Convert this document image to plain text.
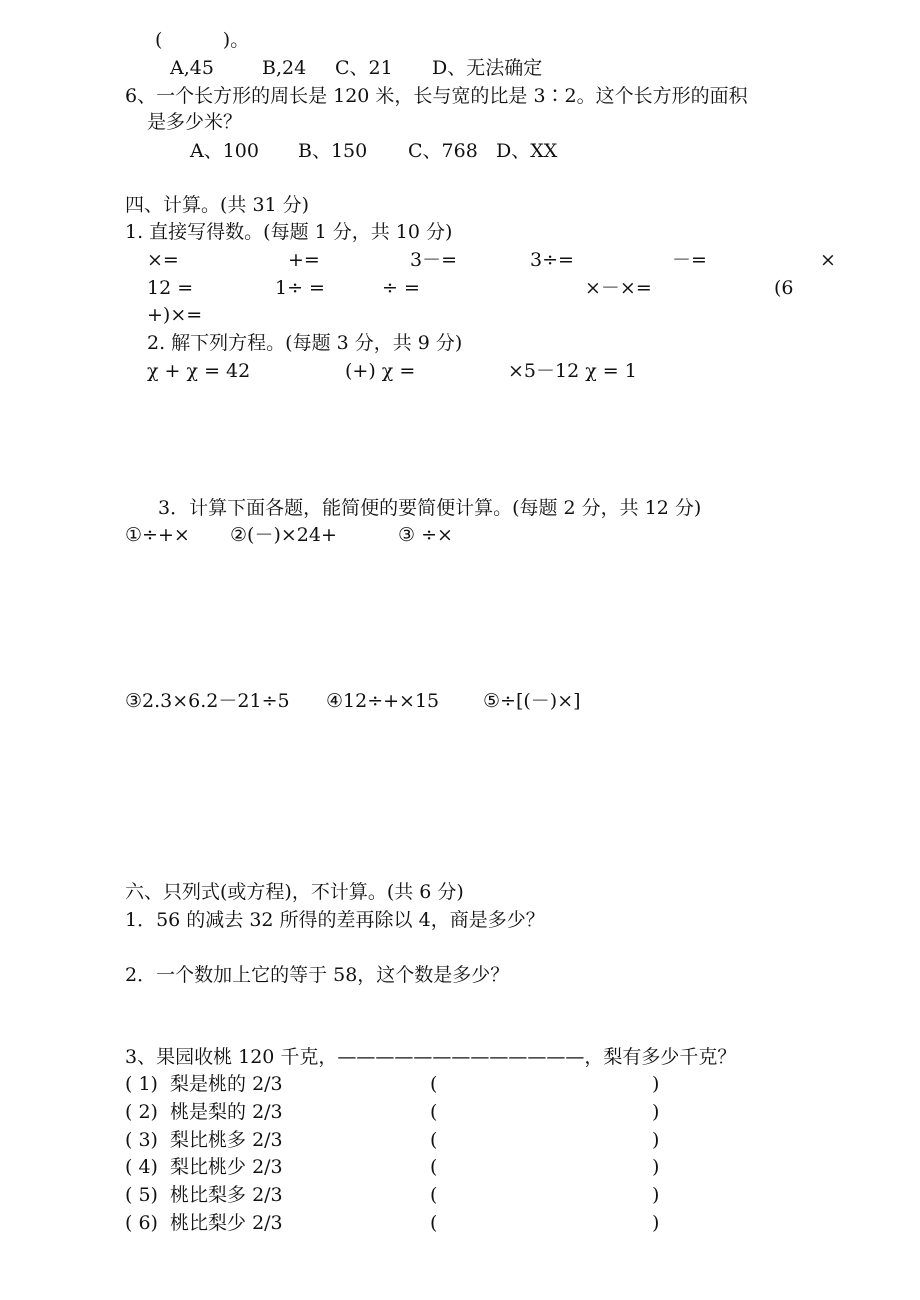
(          )。
A,45	B,24 C、21 D、无法确定
6、一个长方形的周长是 120 米，长与宽的比是 3∶2。这个长方形的面积
是多少米？
A、100 B、150 C、768 D、XX
四、计算。(共 31 分)
1. 直接写得数。(每题 1 分，共 10 分)
×=	+=	3－=	3÷=	－=	×
12 =	1÷ =	÷ =	×－×=	(6
+)×=
2. 解下列方程。(每题 3 分，共 9 分)
χ + χ = 42	(+) χ =	×5－12 χ = 1
3．计算下面各题，能简便的要简便计算。(每题 2 分，共 12 分)
①÷+× ②(－)×24+	③ ÷×
③2.3×6.2－21÷5 ④12÷+×15 ⑤÷[(－)×]
六、只列式(或方程)，不计算。(共 6 分)
1．56 的减去 32 所得的差再除以 4，商是多少？
2．一个数加上它的等于 58，这个数是多少？
3、果园收桃 120 千克，—————————————，梨有多少千克？
( 1)  梨是桃的 2/3	(	)
( 2)  桃是梨的 2/3	(	)
( 3)  梨比桃多 2/3	(	)
( 4)  梨比桃少 2/3	(	)
( 5)  桃比梨多 2/3	(	)
( 6)  桃比梨少 2/3	(	)
